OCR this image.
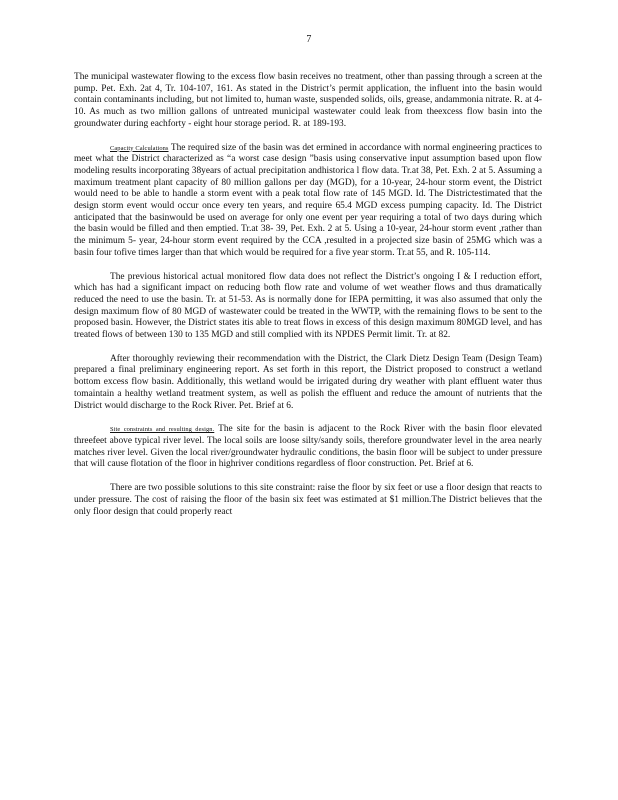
7

The municipal wastewater flowing to the excess flow basin receives no treatment, other than passing through a screen at the pump. Pet. Exh. 2at 4, Tr. 104-107, 161. As stated in the District’s permit application, the influent into the basin would contain contaminants including, but not limited to, human waste, suspended solids, oils, grease, andammonia nitrate. R. at 4- 10. As much as two million gallons of untreated municipal wastewater could leak from theexcess flow basin into the groundwater during eachforty - eight hour storage period. R. at 189-193.

Capacity Calculations The required size of the basin was det ermined in accordance with normal engineering practices to meet what the District characterized as “a worst case design ”basis using conservative input assumption based upon flow modeling results incorporating 38years of actual precipitation andhistorica l flow data. Tr.at 38, Pet. Exh. 2 at 5. Assuming a maximum treatment plant capacity of 80 million gallons per day (MGD), for a 10-year, 24-hour storm event, the District would need to be able to handle a storm event with a peak total flow rate of 145 MGD. Id. The Districtestimated that the design storm event would occur once every ten years, and require 65.4 MGD excess pumping capacity. Id. The District anticipated that the basinwould be used on average for only one event per year requiring a total of two days during which the basin would be filled and then emptied. Tr.at 38- 39, Pet. Exh. 2 at 5. Using a 10-year, 24-hour storm event ,rather than the minimum 5- year, 24-hour storm event required by the CCA ,resulted in a projected size basin of 25MG which was a basin four tofive times larger than that which would be required for a five year storm. Tr.at 55, and R. 105-114.

The previous historical actual monitored flow data does not reflect the District’s ongoing I & I reduction effort, which has had a significant impact on reducing both flow rate and volume of wet weather flows and thus dramatically reduced the need to use the basin. Tr. at 51-53. As is normally done for IEPA permitting, it was also assumed that only the design maximum flow of 80 MGD of wastewater could be treated in the WWTP, with the remaining flows to be sent to the proposed basin. However, the District states itis able to treat flows in excess of this design maximum 80MGD level, and has treated flows of between 130 to 135 MGD and still complied with its NPDES Permit limit. Tr. at 82.

After thoroughly reviewing their recommendation with the District, the Clark Dietz Design Team (Design Team) prepared a final preliminary engineering report. As set forth in this report, the District proposed to construct a wetland bottom excess flow basin. Additionally, this wetland would be irrigated during dry weather with plant effluent water thus tomaintain a healthy wetland treatment system, as well as polish the effluent and reduce the amount of nutrients that the District would discharge to the Rock River. Pet. Brief at 6.

Site constraints and resulting design. The site for the basin is adjacent to the Rock River with the basin floor elevated threefeet above typical river level. The local soils are loose silty/sandy soils, therefore groundwater level in the area nearly matches river level. Given the local river/groundwater hydraulic conditions, the basin floor will be subject to under pressure that will cause flotation of the floor in highriver conditions regardless of floor construction. Pet. Brief at 6.

There are two possible solutions to this site constraint: raise the floor by six feet or use a floor design that reacts to under pressure. The cost of raising the floor of the basin six feet was estimated at $1 million.The District believes that the only floor design that could properly react
